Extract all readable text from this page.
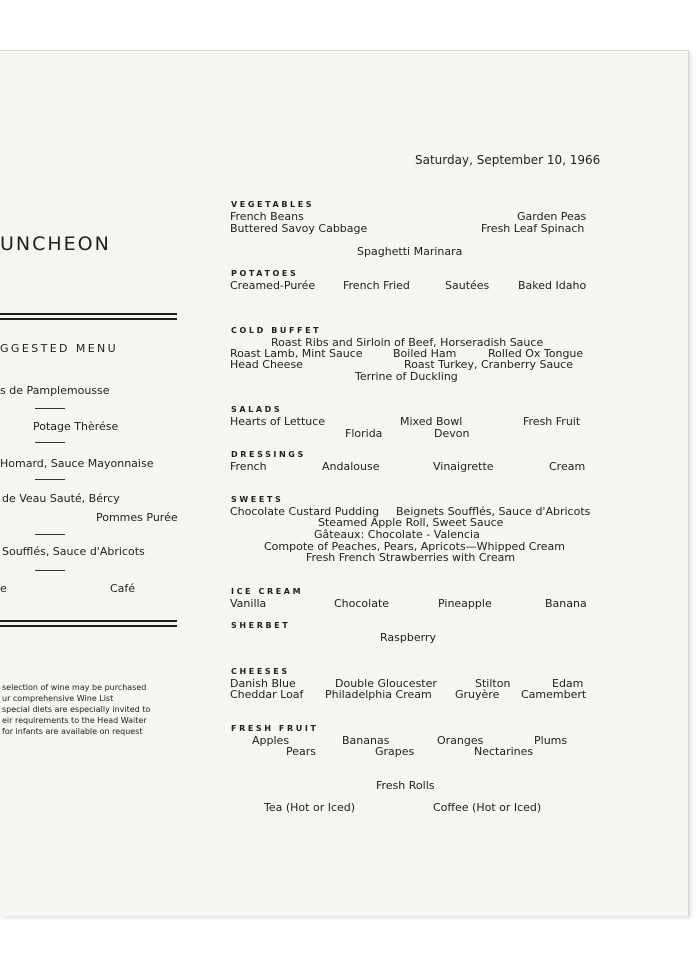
Saturday, September 10, 1966
UNCHEON
GGESTED MENU
s de Pamplemousse
Potage Thèrése
Homard, Sauce Mayonnaise
de Veau Sauté, Bércy
Pommes Purée
Soufflés, Sauce d'Abricots
e	Café
selection of wine may be purchased
ur comprehensive Wine List
special diets are especially invited to
eir requirements to the Head Waiter
for infants are available on request
VEGETABLES
French Beans	Garden Peas
Buttered Savoy Cabbage	Fresh Leaf Spinach
Spaghetti Marinara
POTATOES
Creamed-Purée	French Fried	Sautées	Baked Idaho
COLD BUFFET
Roast Ribs and Sirloin of Beef, Horseradish Sauce
Roast Lamb, Mint Sauce	Boiled Ham	Rolled Ox Tongue
Head Cheese	Roast Turkey, Cranberry Sauce
Terrine of Duckling
SALADS
Hearts of Lettuce	Mixed Bowl	Fresh Fruit
Florida	Devon
DRESSINGS
French	Andalouse	Vinaigrette	Cream
SWEETS
Chocolate Custard Pudding Beignets Soufflés, Sauce d'Abricots
Steamed Apple Roll, Sweet Sauce
Gâteaux: Chocolate - Valencia
Compote of Peaches, Pears, Apricots—Whipped Cream
Fresh French Strawberries with Cream
ICE CREAM
Vanilla	Chocolate	Pineapple	Banana
SHERBET
Raspberry
CHEESES
Danish Blue	Double Gloucester	Stilton	Edam
Cheddar Loaf Philadelphia Cream Gruyère Camembert
FRESH FRUIT
Apples	Bananas	Oranges	Plums
Pears	Grapes	Nectarines
Fresh Rolls
Tea (Hot or Iced)	Coffee (Hot or Iced)
